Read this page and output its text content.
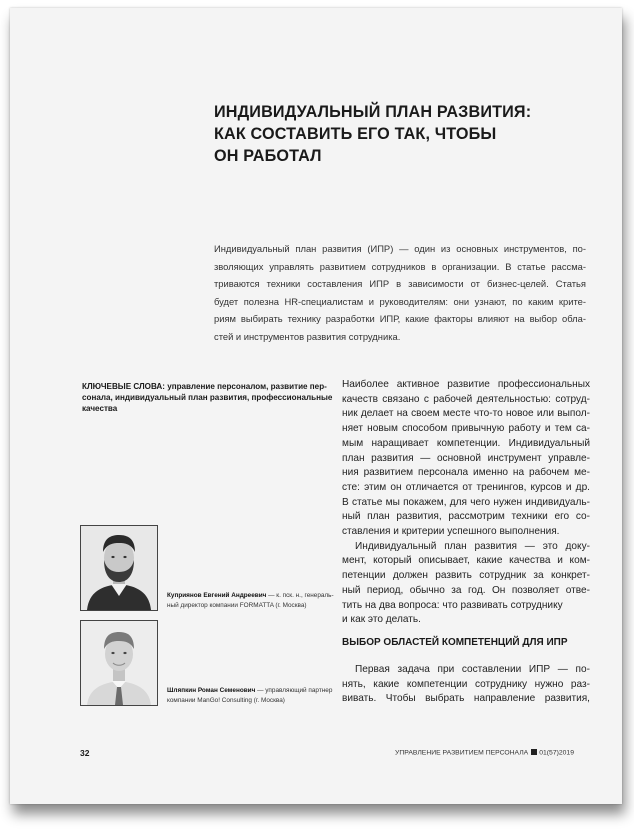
ИНДИВИДУАЛЬНЫЙ ПЛАН РАЗВИТИЯ:
КАК СОСТАВИТЬ ЕГО ТАК, ЧТОБЫ
ОН РАБОТАЛ
Индивидуальный план развития (ИПР) — один из основных инструментов, по-
зволяющих управлять развитием сотрудников в организации. В статье рассма-
триваются техники составления ИПР в зависимости от бизнес-целей. Статья
будет полезна HR-специалистам и руководителям: они узнают, по каким крите-
риям выбирать технику разработки ИПР, какие факторы влияют на выбор обла-
стей и инструментов развития сотрудника.
КЛЮЧЕВЫЕ СЛОВА: управление персоналом, развитие пер-
сонала, индивидуальный план развития, профессиональные
качества
Куприянов Евгений Андреевич — к. пск. н., генераль-
ный директор компании FORMATTA (г. Москва)
Шляпкин Роман Семенович — управляющий партнер
компании ManGo! Consulting (г. Москва)
Наиболее активное развитие профессиональных
качеств связано с рабочей деятельностью: сотруд-
ник делает на своем месте что-то новое или выпол-
няет новым способом привычную работу и тем са-
мым наращивает компетенции. Индивидуальный
план развития — основной инструмент управле-
ния развитием персонала именно на рабочем ме-
сте: этим он отличается от тренингов, курсов и др.
В статье мы покажем, для чего нужен индивидуаль-
ный план развития, рассмотрим техники его со-
ставления и критерии успешного выполнения.
Индивидуальный план развития — это доку-
мент, который описывает, какие качества и ком-
петенции должен развить сотрудник за конкрет-
ный период, обычно за год. Он позволяет отве-
тить на два вопроса: что развивать сотруднику
и как это делать.
ВЫБОР ОБЛАСТЕЙ КОМПЕТЕНЦИЙ ДЛЯ ИПР
Первая задача при составлении ИПР — по-
нять, какие компетенции сотруднику нужно раз-
вивать. Чтобы выбрать направление развития,
32	УПРАВЛЕНИЕ РАЗВИТИЕМ ПЕРСОНАЛА 01(57)2019
